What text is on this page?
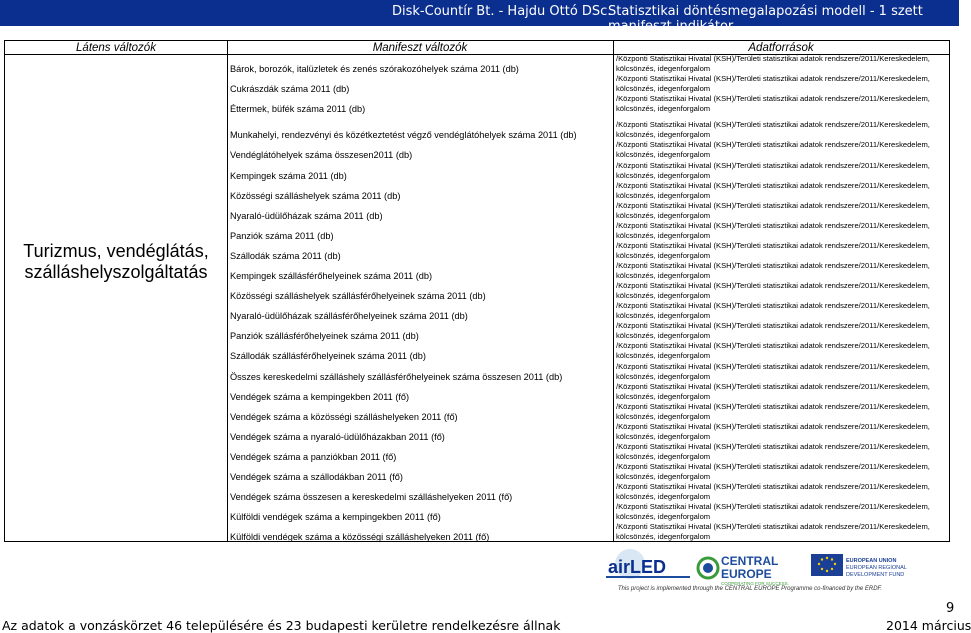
Disk-Countír Bt. - Hajdu Ottó DSc.
Statisztikai döntésmegalapozási modell - 1 szett manifeszt indikátor
Látens változók	Manifeszt változók	Adatforrások
Turizmus, vendéglátás, szálláshelyszolgáltatás
Bárok, borozók, italüzletek és zenés szórakozóhelyek száma 2011 (db)
/Központi Statisztikai Hivatal (KSH)/Területi statisztikai adatok rendszere/2011/Kereskedelem,
kölcsönzés, idegenforgalom
Cukrászdák száma 2011 (db)
/Központi Statisztikai Hivatal (KSH)/Területi statisztikai adatok rendszere/2011/Kereskedelem,
kölcsönzés, idegenforgalom
Éttermek, büfék száma 2011 (db)
/Központi Statisztikai Hivatal (KSH)/Területi statisztikai adatok rendszere/2011/Kereskedelem,
kölcsönzés, idegenforgalom
Munkahelyi, rendezvényi és közétkeztetést végző vendéglátóhelyek száma 2011 (db)
/Központi Statisztikai Hivatal (KSH)/Területi statisztikai adatok rendszere/2011/Kereskedelem,
kölcsönzés, idegenforgalom
Vendéglátóhelyek száma összesen2011 (db)
/Központi Statisztikai Hivatal (KSH)/Területi statisztikai adatok rendszere/2011/Kereskedelem,
kölcsönzés, idegenforgalom
Kempingek száma 2011 (db)
/Központi Statisztikai Hivatal (KSH)/Területi statisztikai adatok rendszere/2011/Kereskedelem,
kölcsönzés, idegenforgalom
Közösségi szálláshelyek száma 2011 (db)
/Központi Statisztikai Hivatal (KSH)/Területi statisztikai adatok rendszere/2011/Kereskedelem,
kölcsönzés, idegenforgalom
Nyaraló-üdülőházak száma 2011 (db)
/Központi Statisztikai Hivatal (KSH)/Területi statisztikai adatok rendszere/2011/Kereskedelem,
kölcsönzés, idegenforgalom
Panziók száma 2011 (db)
/Központi Statisztikai Hivatal (KSH)/Területi statisztikai adatok rendszere/2011/Kereskedelem,
kölcsönzés, idegenforgalom
Szállodák száma 2011 (db)
/Központi Statisztikai Hivatal (KSH)/Területi statisztikai adatok rendszere/2011/Kereskedelem,
kölcsönzés, idegenforgalom
Kempingek szállásférőhelyeinek száma 2011 (db)
/Központi Statisztikai Hivatal (KSH)/Területi statisztikai adatok rendszere/2011/Kereskedelem,
kölcsönzés, idegenforgalom
Közösségi szálláshelyek szállásférőhelyeinek száma 2011 (db)
/Központi Statisztikai Hivatal (KSH)/Területi statisztikai adatok rendszere/2011/Kereskedelem,
kölcsönzés, idegenforgalom
Nyaraló-üdülőházak szállásférőhelyeinek száma 2011 (db)
/Központi Statisztikai Hivatal (KSH)/Területi statisztikai adatok rendszere/2011/Kereskedelem,
kölcsönzés, idegenforgalom
Panziók szállásférőhelyeinek száma 2011 (db)
/Központi Statisztikai Hivatal (KSH)/Területi statisztikai adatok rendszere/2011/Kereskedelem,
kölcsönzés, idegenforgalom
Szállodák szállásférőhelyeinek száma 2011 (db)
/Központi Statisztikai Hivatal (KSH)/Területi statisztikai adatok rendszere/2011/Kereskedelem,
kölcsönzés, idegenforgalom
Összes kereskedelmi szálláshely szállásférőhelyeinek száma összesen 2011 (db)
/Központi Statisztikai Hivatal (KSH)/Területi statisztikai adatok rendszere/2011/Kereskedelem,
kölcsönzés, idegenforgalom
Vendégek száma a kempingekben 2011 (fő)
/Központi Statisztikai Hivatal (KSH)/Területi statisztikai adatok rendszere/2011/Kereskedelem,
kölcsönzés, idegenforgalom
Vendégek száma a közösségi szálláshelyeken 2011 (fő)
/Központi Statisztikai Hivatal (KSH)/Területi statisztikai adatok rendszere/2011/Kereskedelem,
kölcsönzés, idegenforgalom
Vendégek száma a nyaraló-üdülőházakban 2011 (fő)
/Központi Statisztikai Hivatal (KSH)/Területi statisztikai adatok rendszere/2011/Kereskedelem,
kölcsönzés, idegenforgalom
Vendégek száma a panziókban 2011 (fő)
/Központi Statisztikai Hivatal (KSH)/Területi statisztikai adatok rendszere/2011/Kereskedelem,
kölcsönzés, idegenforgalom
Vendégek száma a szállodákban 2011 (fő)
/Központi Statisztikai Hivatal (KSH)/Területi statisztikai adatok rendszere/2011/Kereskedelem,
kölcsönzés, idegenforgalom
Vendégek száma összesen a kereskedelmi szálláshelyeken 2011 (fő)
/Központi Statisztikai Hivatal (KSH)/Területi statisztikai adatok rendszere/2011/Kereskedelem,
kölcsönzés, idegenforgalom
Külföldi vendégek száma a kempingekben 2011 (fő)
/Központi Statisztikai Hivatal (KSH)/Területi statisztikai adatok rendszere/2011/Kereskedelem,
kölcsönzés, idegenforgalom
Külföldi vendégek száma a közösségi szálláshelyeken 2011 (fő)
/Központi Statisztikai Hivatal (KSH)/Területi statisztikai adatok rendszere/2011/Kereskedelem,
kölcsönzés, idegenforgalom
airLED	CENTRAL
EUROPE
COOPERATING FOR SUCCESS.
EUROPEAN UNION
EUROPEAN REGIONAL
DEVELOPMENT FUND
This project is implemented through the CENTRAL EUROPE Programme co-financed by the ERDF.
Az adatok a vonzáskörzet 46 településére és 23 budapesti kerületre rendelkezésre állnak
9
2014 március
